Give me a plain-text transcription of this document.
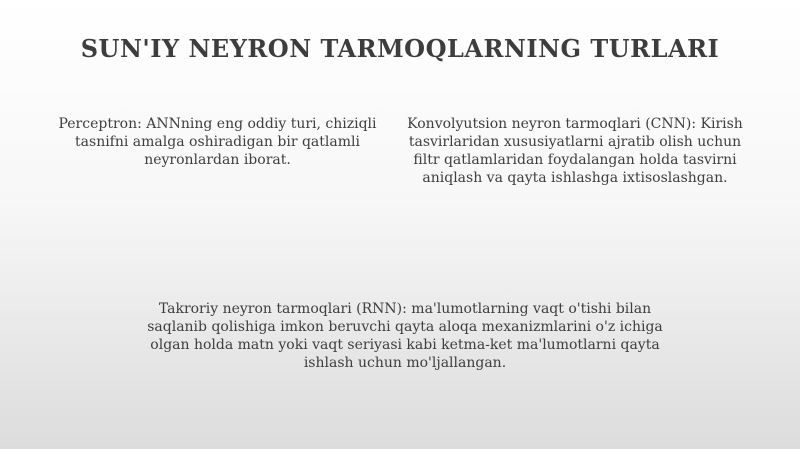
SUN'IY NEYRON TARMOQLARNING TURLARI
Perceptron: ANNning eng oddiy turi, chiziqli tasnifni amalga oshiradigan bir qatlamli neyronlardan iborat.
Konvolyutsion neyron tarmoqlari (CNN): Kirish tasvirlaridan xususiyatlarni ajratib olish uchun filtr qatlamlaridan foydalangan holda tasvirni aniqlash va qayta ishlashga ixtisoslashgan.
Takroriy neyron tarmoqlari (RNN): ma'lumotlarning vaqt o'tishi bilan saqlanib qolishiga imkon beruvchi qayta aloqa mexanizmlarini o'z ichiga olgan holda matn yoki vaqt seriyasi kabi ketma-ket ma'lumotlarni qayta ishlash uchun mo'ljallangan.
